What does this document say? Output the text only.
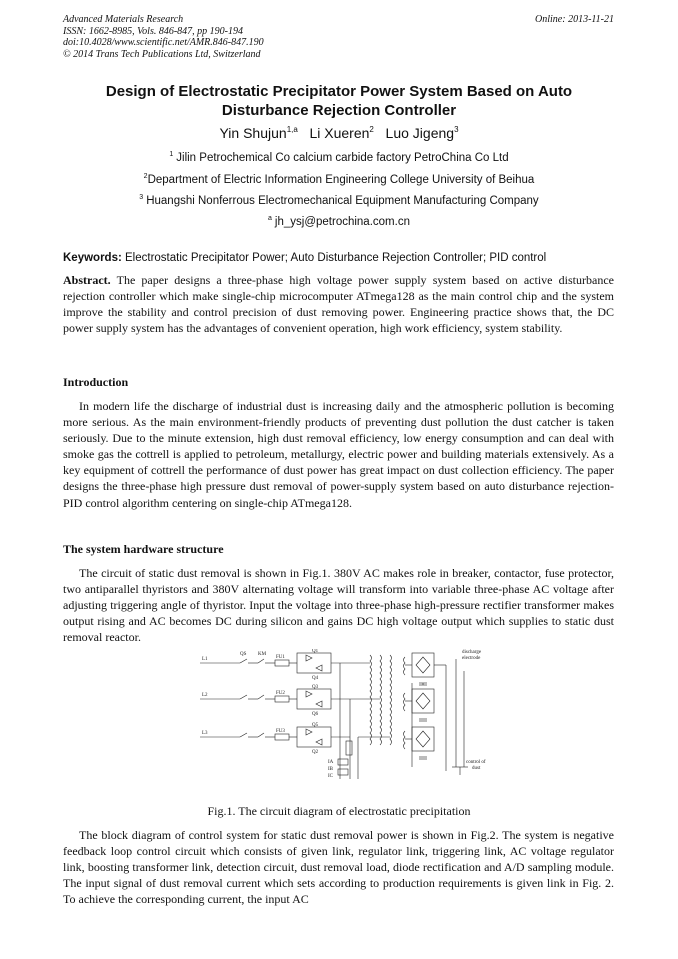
Advanced Materials Research
ISSN: 1662-8985, Vols. 846-847, pp 190-194
doi:10.4028/www.scientific.net/AMR.846-847.190
© 2014 Trans Tech Publications Ltd, Switzerland
Online: 2013-11-21
Design of Electrostatic Precipitator Power System Based on Auto Disturbance Rejection Controller
Yin Shujun$^{1,a}$ Li Xueren$^2$ Luo Jigeng$^3$
$^1$ Jilin Petrochemical Co calcium carbide factory PetroChina Co Ltd
$^2$Department of Electric Information Engineering College University of Beihua
$^3$ Huangshi Nonferrous Electromechanical Equipment Manufacturing Company
$^a$ jh_ysj@petrochina.com.cn
Keywords: Electrostatic Precipitator Power; Auto Disturbance Rejection Controller; PID control
Abstract. The paper designs a three-phase high voltage power supply system based on active disturbance rejection controller which make single-chip microcomputer ATmega128 as the main control chip and the system improve the stability and control precision of dust removing power. Engineering practice shows that, the DC power supply system has the advantages of convenient operation, high work efficiency, system stability.
Introduction
In modern life the discharge of industrial dust is increasing daily and the atmospheric pollution is becoming more serious. As the main environment-friendly products of preventing dust pollution the dust catcher is taken seriously. Due to the minute extension, high dust removal efficiency, low energy consumption and can deal with smoke gas the cottrell is applied to petroleum, metallurgy, electric power and building materials extensively. As a key equipment of cottrell the performance of dust power has great impact on dust collection efficiency. The paper designs the three-phase high pressure dust removal of power-supply system based on auto disturbance rejection-PID control algorithm centering on single-chip ATmega128.
The system hardware structure
The circuit of static dust removal is shown in Fig.1. 380V AC makes role in breaker, contactor, fuse protector, two antiparallel thyristors and 380V alternating voltage will transform into variable three-phase AC voltage after adjusting triggering angle of thyristor. Input the voltage into three-phase high-pressure rectifier transformer makes output rising and AC becomes DC during silicon and gains DC high voltage output which supplies to static dust removal reactor.
L1
L2
L3
QS KM
FU1
FU2
FU3
Q1
Q3
Q5
Q4
Q6
Q2
IA
IB
IC
discharge
electrode
control of
dust
Fig.1. The circuit diagram of electrostatic precipitation
The block diagram of control system for static dust removal power is shown in Fig.2. The system is negative feedback loop control circuit which consists of given link, regulator link, triggering link, AC voltage regulator link, boosting transformer link, detection circuit, dust removal load, diode rectification and A/D sampling module. The input signal of dust removal current which sets according to production requirements is given link in Fig. 2. To achieve the corresponding current, the input AC
